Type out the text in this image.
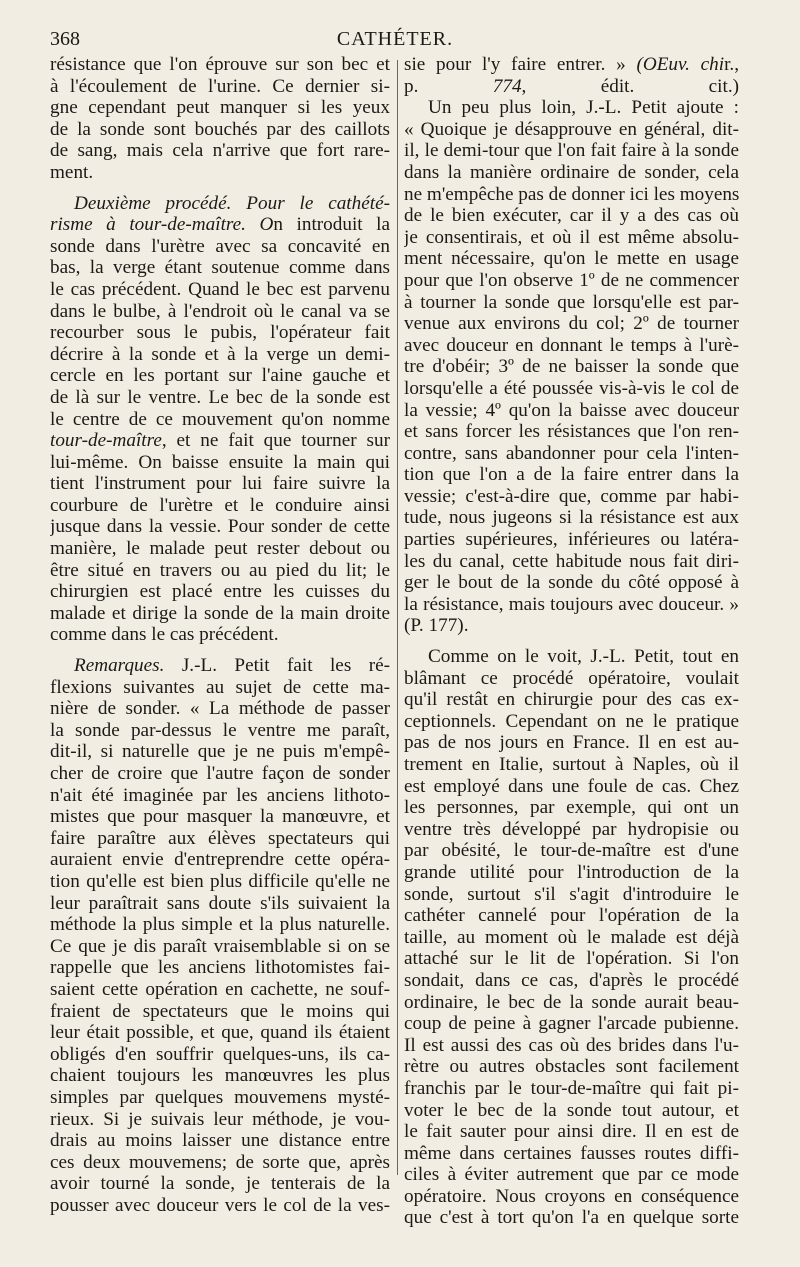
368	CATHÉTER.
résistance que l'on éprouve sur son bec et
à l'écoulement de l'urine. Ce dernier si-
gne cependant peut manquer si les yeux
de la sonde sont bouchés par des caillots
de sang, mais cela n'arrive que fort rare-
ment.
Deuxième procédé. Pour le cathété-
risme à tour-de-maître. On introduit la
sonde dans l'urètre avec sa concavité en
bas, la verge étant soutenue comme dans
le cas précédent. Quand le bec est parvenu
dans le bulbe, à l'endroit où le canal va se
recourber sous le pubis, l'opérateur fait
décrire à la sonde et à la verge un demi-
cercle en les portant sur l'aine gauche et
de là sur le ventre. Le bec de la sonde est
le centre de ce mouvement qu'on nomme
tour-de-maître, et ne fait que tourner sur
lui-même. On baisse ensuite la main qui
tient l'instrument pour lui faire suivre la
courbure de l'urètre et le conduire ainsi
jusque dans la vessie. Pour sonder de cette
manière, le malade peut rester debout ou
être situé en travers ou au pied du lit; le
chirurgien est placé entre les cuisses du
malade et dirige la sonde de la main droite
comme dans le cas précédent.
Remarques. J.-L. Petit fait les ré-
flexions suivantes au sujet de cette ma-
nière de sonder. « La méthode de passer
la sonde par-dessus le ventre me paraît,
dit-il, si naturelle que je ne puis m'empê-
cher de croire que l'autre façon de sonder
n'ait été imaginée par les anciens lithoto-
mistes que pour masquer la manœuvre, et
faire paraître aux élèves spectateurs qui
auraient envie d'entreprendre cette opéra-
tion qu'elle est bien plus difficile qu'elle ne
leur paraîtrait sans doute s'ils suivaient la
méthode la plus simple et la plus naturelle.
Ce que je dis paraît vraisemblable si on se
rappelle que les anciens lithotomistes fai-
saient cette opération en cachette, ne souf-
fraient de spectateurs que le moins qui
leur était possible, et que, quand ils étaient
obligés d'en souffrir quelques-uns, ils ca-
chaient toujours les manœuvres les plus
simples par quelques mouvemens mysté-
rieux. Si je suivais leur méthode, je vou-
drais au moins laisser une distance entre
ces deux mouvemens; de sorte que, après
avoir tourné la sonde, je tenterais de la
pousser avec douceur vers le col de la ves-
sie pour l'y faire entrer. » (OEuv. chir.,
p. 774, édit. cit.)
Un peu plus loin, J.-L. Petit ajoute :
« Quoique je désapprouve en général, dit-
il, le demi-tour que l'on fait faire à la sonde
dans la manière ordinaire de sonder, cela
ne m'empêche pas de donner ici les moyens
de le bien exécuter, car il y a des cas où
je consentirais, et où il est même absolu-
ment nécessaire, qu'on le mette en usage
pour que l'on observe 1º de ne commencer
à tourner la sonde que lorsqu'elle est par-
venue aux environs du col; 2º de tourner
avec douceur en donnant le temps à l'urè-
tre d'obéir; 3º de ne baisser la sonde que
lorsqu'elle a été poussée vis-à-vis le col de
la vessie; 4º qu'on la baisse avec douceur
et sans forcer les résistances que l'on ren-
contre, sans abandonner pour cela l'inten-
tion que l'on a de la faire entrer dans la
vessie; c'est-à-dire que, comme par habi-
tude, nous jugeons si la résistance est aux
parties supérieures, inférieures ou latéra-
les du canal, cette habitude nous fait diri-
ger le bout de la sonde du côté opposé à
la résistance, mais toujours avec douceur. »
(P. 177).
Comme on le voit, J.-L. Petit, tout en
blâmant ce procédé opératoire, voulait
qu'il restât en chirurgie pour des cas ex-
ceptionnels. Cependant on ne le pratique
pas de nos jours en France. Il en est au-
trement en Italie, surtout à Naples, où il
est employé dans une foule de cas. Chez
les personnes, par exemple, qui ont un
ventre très développé par hydropisie ou
par obésité, le tour-de-maître est d'une
grande utilité pour l'introduction de la
sonde, surtout s'il s'agit d'introduire le
cathéter cannelé pour l'opération de la
taille, au moment où le malade est déjà
attaché sur le lit de l'opération. Si l'on
sondait, dans ce cas, d'après le procédé
ordinaire, le bec de la sonde aurait beau-
coup de peine à gagner l'arcade pubienne.
Il est aussi des cas où des brides dans l'u-
rètre ou autres obstacles sont facilement
franchis par le tour-de-maître qui fait pi-
voter le bec de la sonde tout autour, et
le fait sauter pour ainsi dire. Il en est de
même dans certaines fausses routes diffi-
ciles à éviter autrement que par ce mode
opératoire. Nous croyons en conséquence
que c'est à tort qu'on l'a en quelque sorte
